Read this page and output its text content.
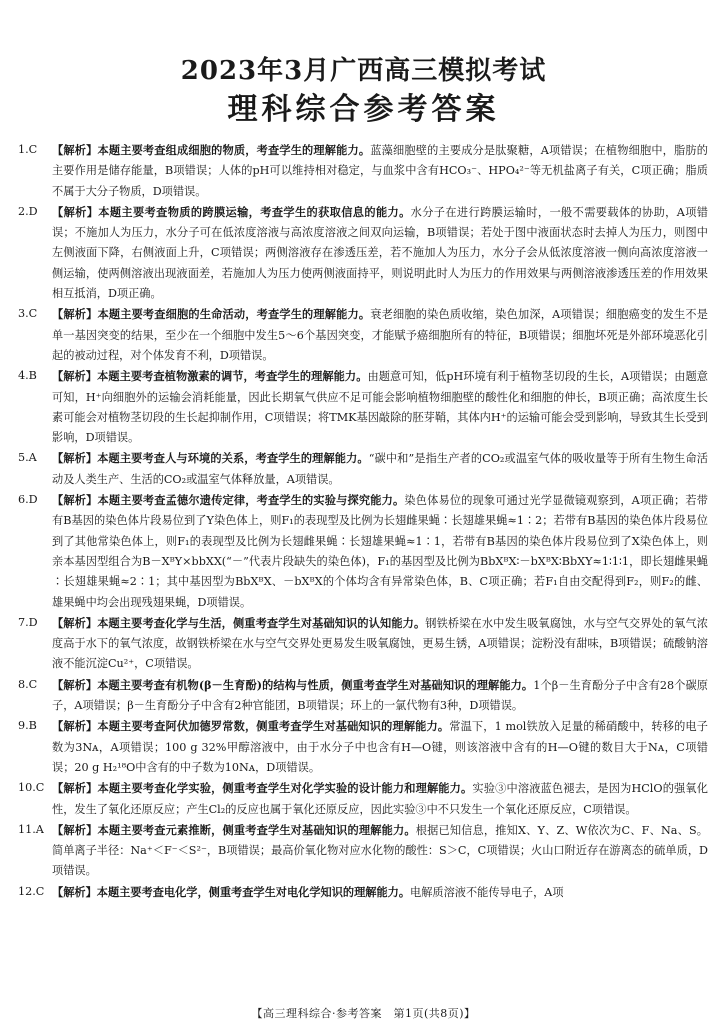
2023年3月广西高三模拟考试
理科综合参考答案
1.C	【解析】本题主要考查组成细胞的物质，考查学生的理解能力。蓝藻细胞壁的主要成分是肽聚糖，A项错误；在植物细胞中，脂肪的主要作用是储存能量，B项错误；人体的pH可以维持相对稳定，与血浆中含有HCO₃⁻、HPO₄²⁻等无机盐离子有关，C项正确；脂质不属于大分子物质，D项错误。
2.D	【解析】本题主要考查物质的跨膜运输，考查学生的获取信息的能力。水分子在进行跨膜运输时，一般不需要载体的协助，A项错误；不施加人为压力，水分子可在低浓度溶液与高浓度溶液之间双向运输，B项错误；若处于图中液面状态时去掉人为压力，则图中左侧液面下降，右侧液面上升，C项错误；两侧溶液存在渗透压差，若不施加人为压力，水分子会从低浓度溶液一侧向高浓度溶液一侧运输，使两侧溶液出现液面差，若施加人为压力使两侧液面持平，则说明此时人为压力的作用效果与两侧溶液渗透压差的作用效果相互抵消，D项正确。
3.C	【解析】本题主要考查细胞的生命活动，考查学生的理解能力。衰老细胞的染色质收缩，染色加深，A项错误；细胞癌变的发生不是单一基因突变的结果，至少在一个细胞中发生5～6个基因突变，才能赋予癌细胞所有的特征，B项错误；细胞坏死是外部环境恶化引起的被动过程，对个体发育不利，D项错误。
4.B	【解析】本题主要考查植物激素的调节，考查学生的理解能力。由题意可知，低pH环境有利于植物茎切段的生长，A项错误；由题意可知，H⁺向细胞外的运输会消耗能量，因此长期氧气供应不足可能会影响植物细胞壁的酸性化和细胞的伸长，B项正确；高浓度生长素可能会对植物茎切段的生长起抑制作用，C项错误；将TMK基因敲除的胚芽鞘，其体内H⁺的运输可能会受到影响，导致其生长受到影响，D项错误。
5.A	【解析】本题主要考查人与环境的关系，考查学生的理解能力。“碳中和”是指生产者的CO₂或温室气体的吸收量等于所有生物生命活动及人类生产、生活的CO₂或温室气体释放量，A项错误。
6.D	【解析】本题主要考查孟德尔遗传定律，考查学生的实验与探究能力。染色体易位的现象可通过光学显微镜观察到，A项正确；若带有B基因的染色体片段易位到了Y染色体上，则F₁的表现型及比例为长翅雌果蝇∶长翅雄果蝇≈1∶2；若带有B基因的染色体片段易位到了其他常染色体上，则F₁的表现型及比例为长翅雌果蝇∶长翅雄果蝇≈1∶1，若带有B基因的染色体片段易位到了X染色体上，则亲本基因型组合为B－XᴮY×bbXX(“－”代表片段缺失的染色体)，F₁的基因型及比例为BbXᴮX∶－bXᴮX∶BbXY≈1∶1∶1，即长翅雌果蝇∶长翅雄果蝇≈2∶1；其中基因型为BbXᴮX、－bXᴮX的个体均含有异常染色体，B、C项正确；若F₁自由交配得到F₂，则F₂的雌、雄果蝇中均会出现残翅果蝇，D项错误。
7.D	【解析】本题主要考查化学与生活，侧重考查学生对基础知识的认知能力。钢铁桥梁在水中发生吸氧腐蚀，水与空气交界处的氧气浓度高于水下的氧气浓度，故钢铁桥梁在水与空气交界处更易发生吸氧腐蚀，更易生锈，A项错误；淀粉没有甜味，B项错误；硫酸钠溶液不能沉淀Cu²⁺，C项错误。
8.C	【解析】本题主要考查有机物(β－生育酚)的结构与性质，侧重考查学生对基础知识的理解能力。1个β－生育酚分子中含有28个碳原子，A项错误；β－生育酚分子中含有2种官能团，B项错误；环上的一氯代物有3种，D项错误。
9.B	【解析】本题主要考查阿伏加德罗常数，侧重考查学生对基础知识的理解能力。常温下，1 mol铁放入足量的稀硝酸中，转移的电子数为3Nᴀ，A项错误；100 g 32%甲醇溶液中，由于水分子中也含有H—O键，则该溶液中含有的H—O键的数目大于Nᴀ，C项错误；20 g H₂¹⁸O中含有的中子数为10Nᴀ，D项错误。
10.C 【解析】本题主要考查化学实验，侧重考查学生对化学实验的设计能力和理解能力。实验③中溶液蓝色褪去，是因为HClO的强氧化性，发生了氧化还原反应；产生Cl₂的反应也属于氧化还原反应，因此实验③中不只发生一个氧化还原反应，C项错误。
11.A 【解析】本题主要考查元素推断，侧重考查学生对基础知识的理解能力。根据已知信息，推知X、Y、Z、W依次为C、F、Na、S。简单离子半径：Na⁺＜F⁻＜S²⁻，B项错误；最高价氧化物对应水化物的酸性：S＞C，C项错误；火山口附近存在游离态的硫单质，D项错误。
12.C 【解析】本题主要考查电化学，侧重考查学生对电化学知识的理解能力。电解质溶液不能传导电子，A项
【高三理科综合·参考答案　第1页(共8页)】
